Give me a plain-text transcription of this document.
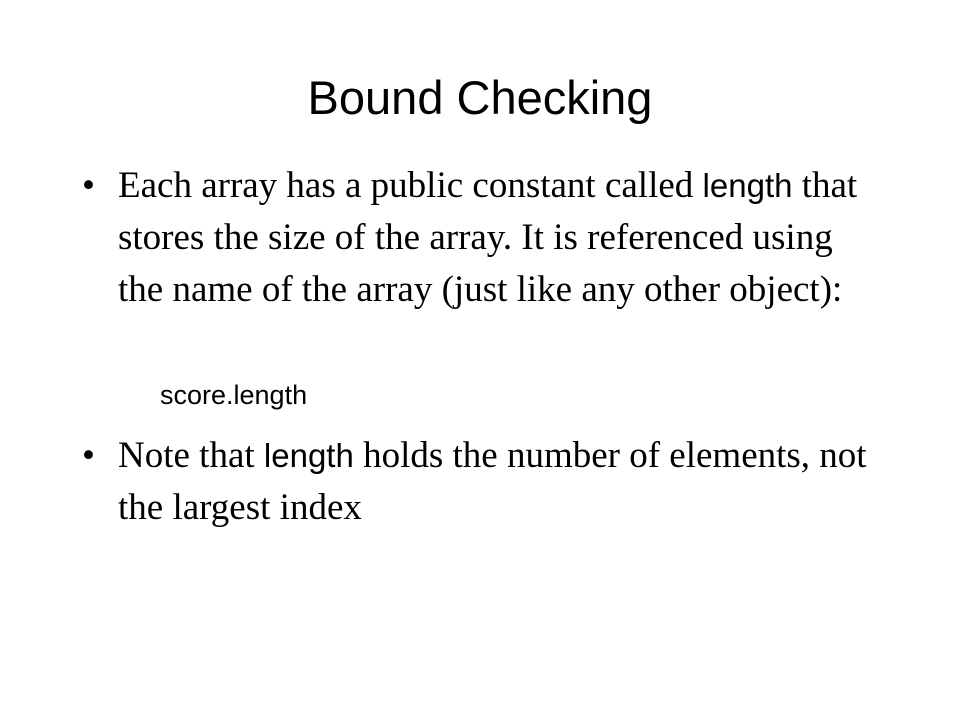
Bound Checking
• Each array has a public constant called length that stores the size of the array. It is referenced using the name of the array (just like any other object):
score.length
• Note that length holds the number of elements, not the largest index
